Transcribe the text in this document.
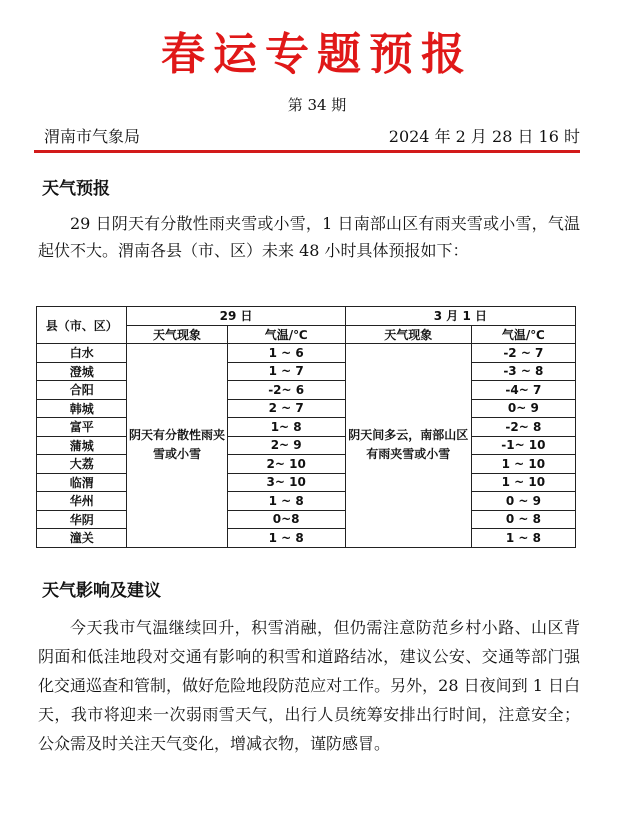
春运专题预报
第 34 期
渭南市气象局	2024 年 2 月 28 日 16 时
天气预报
29 日阴天有分散性雨夹雪或小雪，1 日南部山区有雨夹雪或小雪，气温起伏不大。渭南各县（市、区）未来 48 小时具体预报如下：
县（市、区）	29 日		3 月 1 日	
	天气现象	气温/℃	天气现象	气温/℃
白水	阴天有分散性雨夹雪或小雪	1 ~ 6	阴天间多云，南部山区有雨夹雪或小雪	-2 ~ 7
澄城		1 ~ 7		-3 ~ 8
合阳		-2~ 6		-4~ 7
韩城		2 ~ 7		0~ 9
富平		1~ 8		-2~ 8
蒲城		2~ 9		-1~ 10
大荔		2~ 10		1 ~ 10
临渭		3~ 10		1 ~ 10
华州		1 ~ 8		0 ~ 9
华阴		0~8		0 ~ 8
潼关		1 ~ 8		1 ~ 8
天气影响及建议
今天我市气温继续回升，积雪消融，但仍需注意防范乡村小路、山区背阴面和低洼地段对交通有影响的积雪和道路结冰，建议公安、交通等部门强化交通巡查和管制，做好危险地段防范应对工作。另外，28 日夜间到 1 日白天，我市将迎来一次弱雨雪天气，出行人员统筹安排出行时间，注意安全；公众需及时关注天气变化，增减衣物，谨防感冒。
